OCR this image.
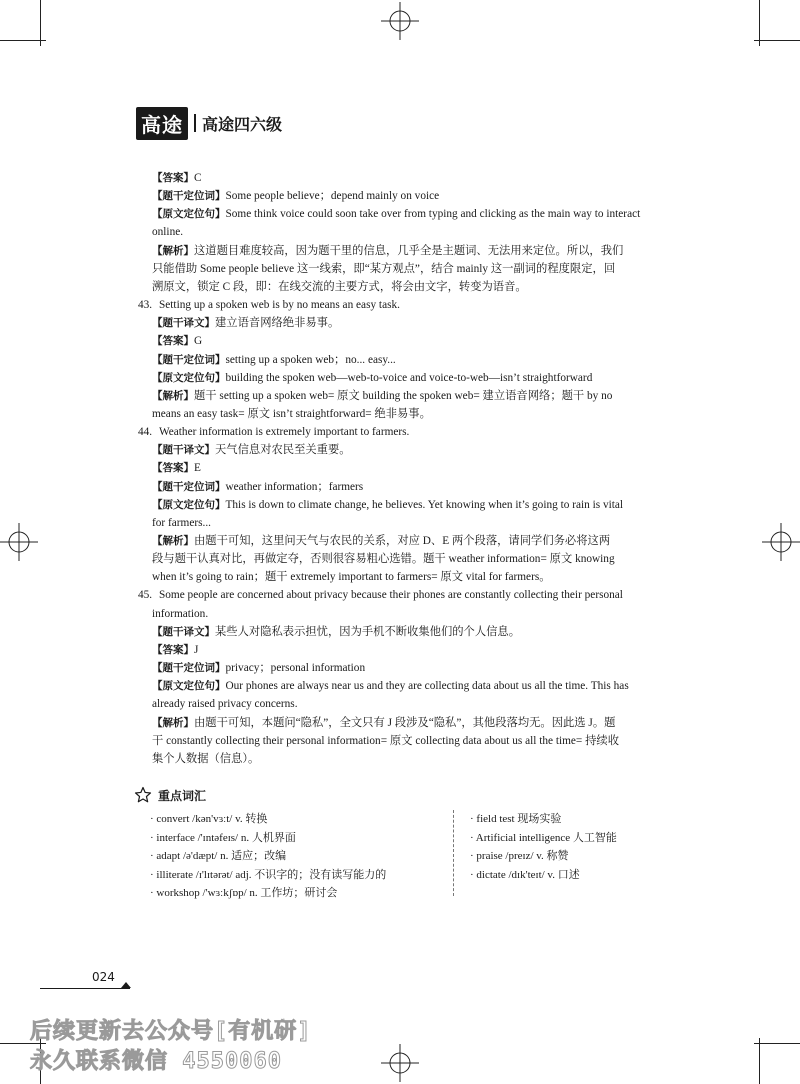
高途	高途四六级
【答案】C
【题干定位词】Some people believe；depend mainly on voice
【原文定位句】Some think voice could soon take over from typing and clicking as the main way to interact
online.
【解析】这道题目难度较高，因为题干里的信息，几乎全是主题词、无法用来定位。所以，我们
只能借助 Some people believe 这一线索，即“某方观点”，结合 mainly 这一副词的程度限定，回
溯原文，锁定 C 段，即：在线交流的主要方式，将会由文字，转变为语音。
43. Setting up a spoken web is by no means an easy task.
【题干译文】建立语音网络绝非易事。
【答案】G
【题干定位词】setting up a spoken web；no... easy...
【原文定位句】building the spoken web—web-to-voice and voice-to-web—isn’t straightforward
【解析】题干 setting up a spoken web= 原文 building the spoken web= 建立语音网络；题干 by no
means an easy task= 原文 isn’t straightforward= 绝非易事。
44. Weather information is extremely important to farmers.
【题干译文】天气信息对农民至关重要。
【答案】E
【题干定位词】weather information；farmers
【原文定位句】This is down to climate change, he believes. Yet knowing when it’s going to rain is vital
for farmers...
【解析】由题干可知，这里问天气与农民的关系，对应 D、E 两个段落，请同学们务必将这两
段与题干认真对比，再做定夺，否则很容易粗心选错。题干 weather information= 原文 knowing
when it’s going to rain；题干 extremely important to farmers= 原文 vital for farmers。
45. Some people are concerned about privacy because their phones are constantly collecting their personal
information.
【题干译文】某些人对隐私表示担忧，因为手机不断收集他们的个人信息。
【答案】J
【题干定位词】privacy；personal information
【原文定位句】Our phones are always near us and they are collecting data about us all the time. This has
already raised privacy concerns.
【解析】由题干可知，本题问“隐私”，全文只有 J 段涉及“隐私”，其他段落均无。因此选 J。题
干 constantly collecting their personal information= 原文 collecting data about us all the time= 持续收
集个人数据（信息）。
重点词汇
· convert /kən'vɜːt/ v. 转换
· interface /'ɪntəfeɪs/ n. 人机界面
· adapt /ə'dæpt/ n. 适应；改编
· illiterate /ɪ'lɪtərət/ adj. 不识字的；没有读写能力的
· workshop /'wɜːkʃɒp/ n. 工作坊；研讨会
· field test 现场实验
· Artificial intelligence 人工智能
· praise /preɪz/ v. 称赞
· dictate /dɪk'teɪt/ v. 口述
024
后续更新去公众号[有机研]
永久联系微信 4550060
